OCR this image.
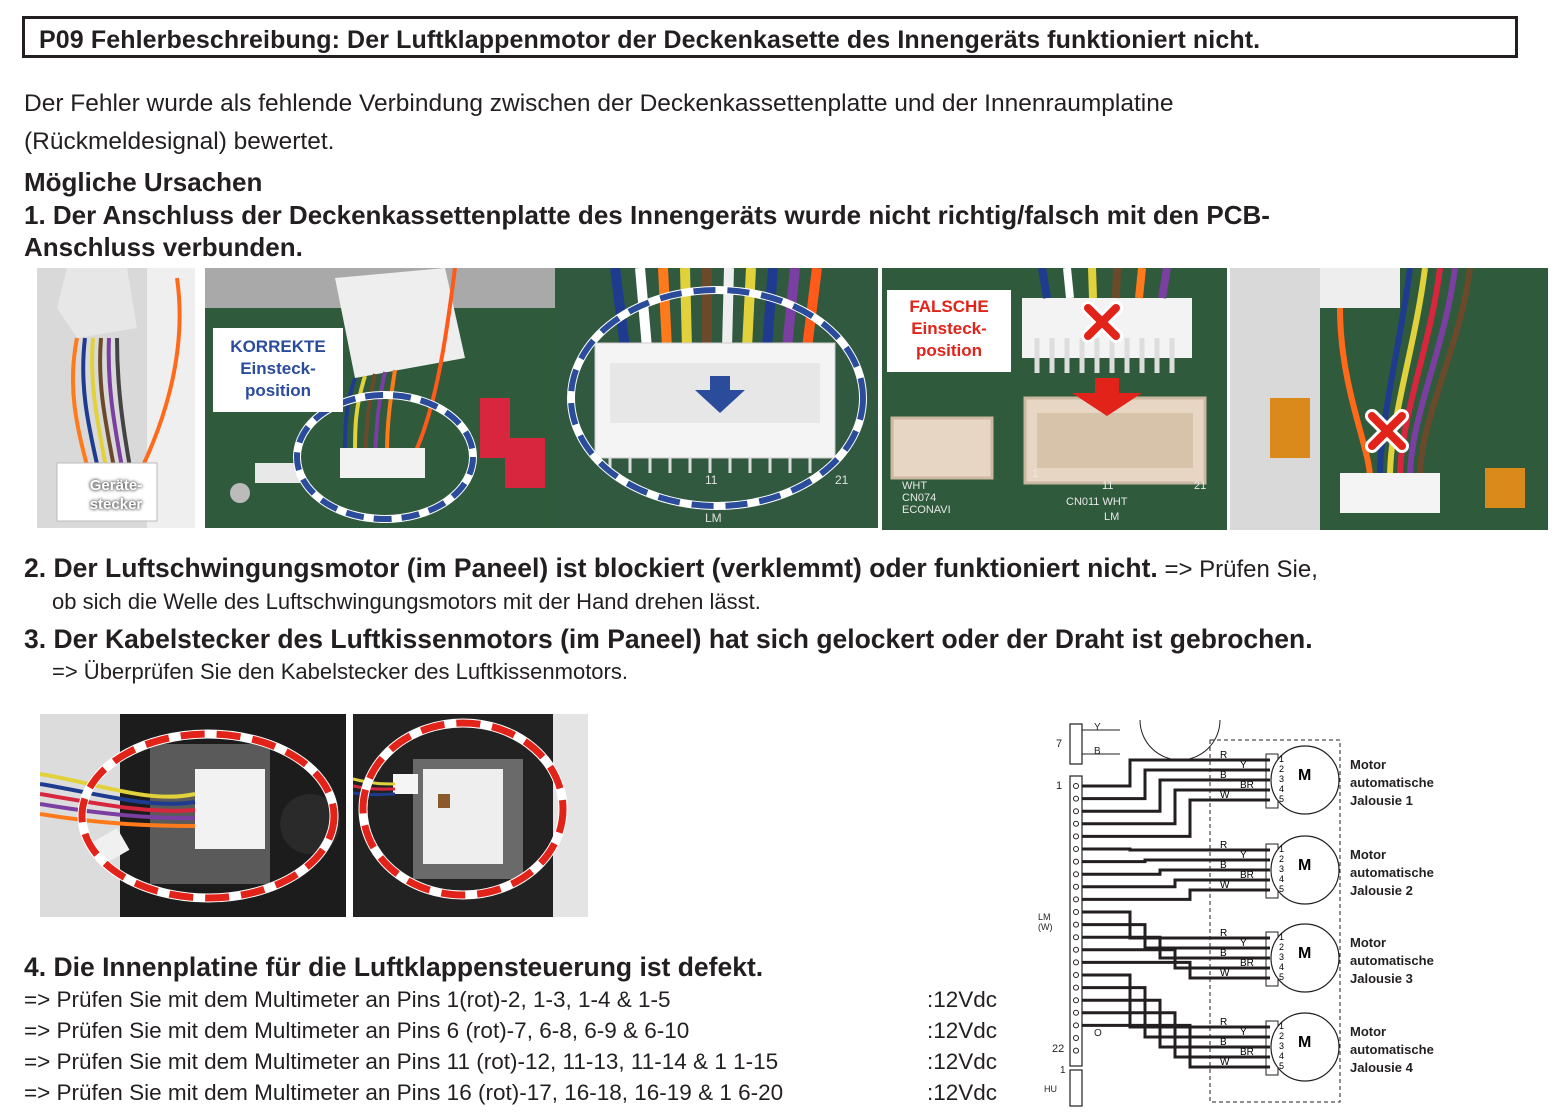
P09 Fehlerbeschreibung: Der Luftklappenmotor der Deckenkasette des Innengeräts funktioniert nicht.
Der Fehler wurde als fehlende Verbindung zwischen der Deckenkassettenplatte und der Innenraumplatine
(Rückmeldesignal) bewertet.
Mögliche Ursachen
1. Der Anschluss der Deckenkassettenplatte des Innengeräts wurde nicht richtig/falsch mit den PCB-
Anschluss verbunden.
Geräte-
stecker
KORREKTE
Einsteck-
position
11	21
LM
FALSCHE
Einsteck-
position
WHT
CN074
ECONAVI
1
11	21
CN011 WHT
LM
2. Der Luftschwingungsmotor (im Paneel) ist blockiert (verklemmt) oder funktioniert nicht. => Prüfen Sie,
ob sich die Welle des Luftschwingungsmotors mit der Hand drehen lässt.
3. Der Kabelstecker des Luftkissenmotors (im Paneel) hat sich gelockert oder der Draht ist gebrochen.
=> Überprüfen Sie den Kabelstecker des Luftkissenmotors.
4. Die Innenplatine für die Luftklappensteuerung ist defekt.
=> Prüfen Sie mit dem Multimeter an Pins 1(rot)-2, 1-3, 1-4 & 1-5	:12Vdc
=> Prüfen Sie mit dem Multimeter an Pins 6 (rot)-7, 6-8, 6-9 & 6-10	:12Vdc
=> Prüfen Sie mit dem Multimeter an Pins 11 (rot)-12, 11-13, 11-14 & 1 1-15	:12Vdc
=> Prüfen Sie mit dem Multimeter an Pins 16 (rot)-17, 16-18, 16-19 & 1 6-20	:12Vdc
M
R
Y
B
BR
W
1
2
3
4
5
M
R
Y
B
BR
W
1
2
3
4
5
M
R
Y
B
BR
W
1
2
3
4
5
M
R
Y
B
BR
W
1
2
3
4
5
7
1
22
1
LM
(W)
HU
B
Y
O
Motor
automatische
Jalousie 1
Motor
automatische
Jalousie 2
Motor
automatische
Jalousie 3
Motor
automatische
Jalousie 4
